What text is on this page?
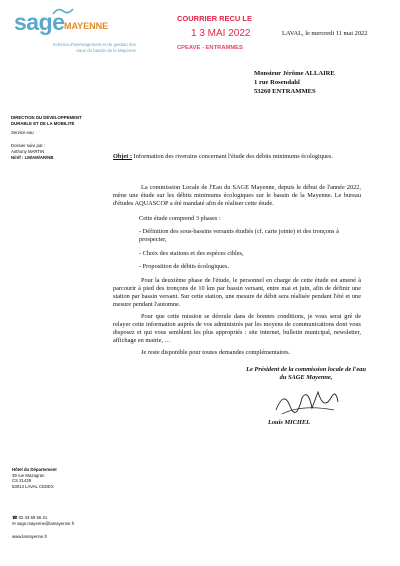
sage MAYENNE
Schéma d'aménagement et de gestion des eaux du bassin de la Mayenne
COURRIER RECU LE
1 3 MAI 2022
CPEAVE - ENTRAMMES
LAVAL, le mercredi 11 mai 2022
Monsieur Jérôme ALLAIRE
1 rue Rosendahl
53260 ENTRAMMES
DIRECTION DU DÉVELOPPEMENT
DURABLE ET DE LA MOBILITÉ
Service eau
Dossier suivi par :
Anthony MARTIN
N/réf : LM/AM/AR/NB	Objet : Information des riverains concernant l'étude des débits minimums écologiques.
La commission Locale de l'Eau du SAGE Mayenne, depuis le début de l'année 2022, mène une étude sur les débits minimums écologiques sur le bassin de la Mayenne. Le bureau d'études AQUASCOP a été mandaté afin de réaliser cette étude.
Cette étude comprend 3 phases :
- Définition des sous-bassins versants étudiés (cf. carte jointe) et des tronçons à prospecter,
- Choix des stations et des espèces cibles,
- Proposition de débits écologiques.
Pour la deuxième phase de l'étude, le personnel en charge de cette étude est amené à parcourir à pied des tronçons de 10 km par bassin versant, entre mai et juin, afin de définir une station par bassin versant. Sur cette station, une mesure de débit sera réalisée pendant l'été et une mesure pendant l'automne.
Pour que cette mission se déroule dans de bonnes conditions, je vous serai gré de relayer cette information auprès de vos administrés par les moyens de communications dont vous disposez et qui vous semblent les plus appropriés : site internet, bulletin municipal, newsletter, affichage en mairie, …
Je reste disponible pour toutes demandes complémentaires.
Le Président de la commission locale de l'eau
du SAGE Mayenne,
Louis MICHEL
Hôtel du Département
39 rue Mazagran
CS 21429
53014 LAVAL CEDEX
☎ 02 43 59 55 21
✉ sage.mayenne@lamayenne.fr
www.lamayenne.fr
